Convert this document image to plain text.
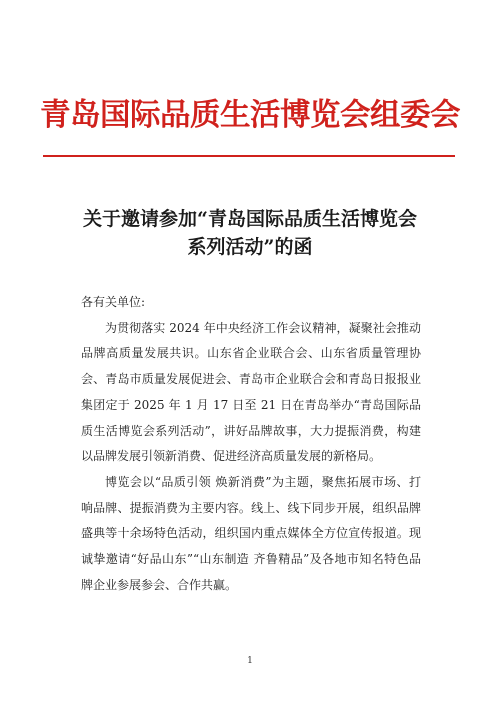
青岛国际品质生活博览会组委会
关于邀请参加“青岛国际品质生活博览会
系列活动”的函

各有关单位:

为贯彻落实 2024 年中央经济工作会议精神，凝聚社会推动品牌高质量发展共识。山东省企业联合会、山东省质量管理协会、青岛市质量发展促进会、青岛市企业联合会和青岛日报报业集团定于 2025 年 1 月 17 日至 21 日在青岛举办“青岛国际品质生活博览会系列活动”，讲好品牌故事，大力提振消费，构建以品牌发展引领新消费、促进经济高质量发展的新格局。

博览会以“品质引领 焕新消费”为主题，聚焦拓展市场、打响品牌、提振消费为主要内容。线上、线下同步开展，组织品牌盛典等十余场特色活动，组织国内重点媒体全方位宣传报道。现诚挚邀请“好品山东”“山东制造 齐鲁精品”及各地市知名特色品牌企业参展参会、合作共赢。

1
